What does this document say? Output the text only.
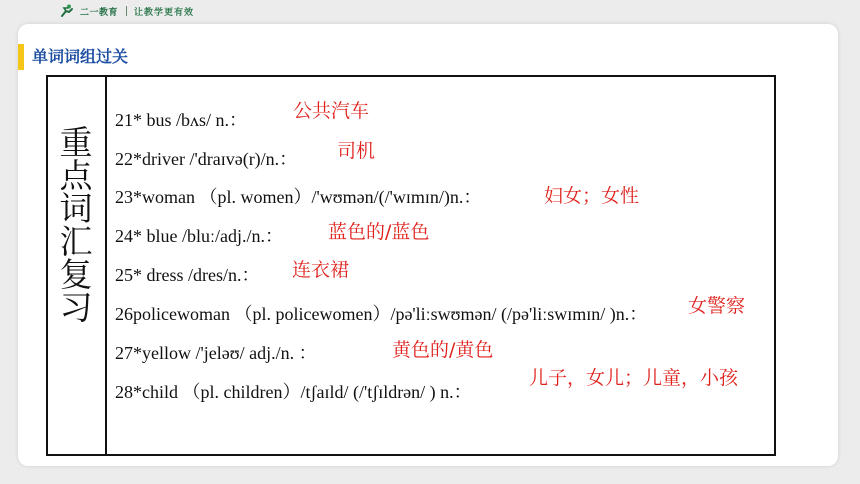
二一教育 让教学更有效
单词词组过关
重
点
词
汇
复
习
21* bus /bʌs/ n.： 公共汽车
22*driver /'draɪvə(r)/n.： 司机
23*woman （pl. women）/'wʊmən/(/'wɪmɪn/)n.：	妇女；女性
24* blue /bluː/adj./n.： 蓝色的/蓝色
25* dress /dres/n.： 连衣裙
26policewoman （pl. policewomen）/pə'liːswʊmən/ (/pə'liːswɪmɪn/ )n.： 女警察
27*yellow /'jeləʊ/ adj./n. ：	黄色的/黄色
28*child （pl. children）/tʃaɪld/ (/'tʃɪldrən/ ) n.：
儿子，女儿；儿童，小孩
